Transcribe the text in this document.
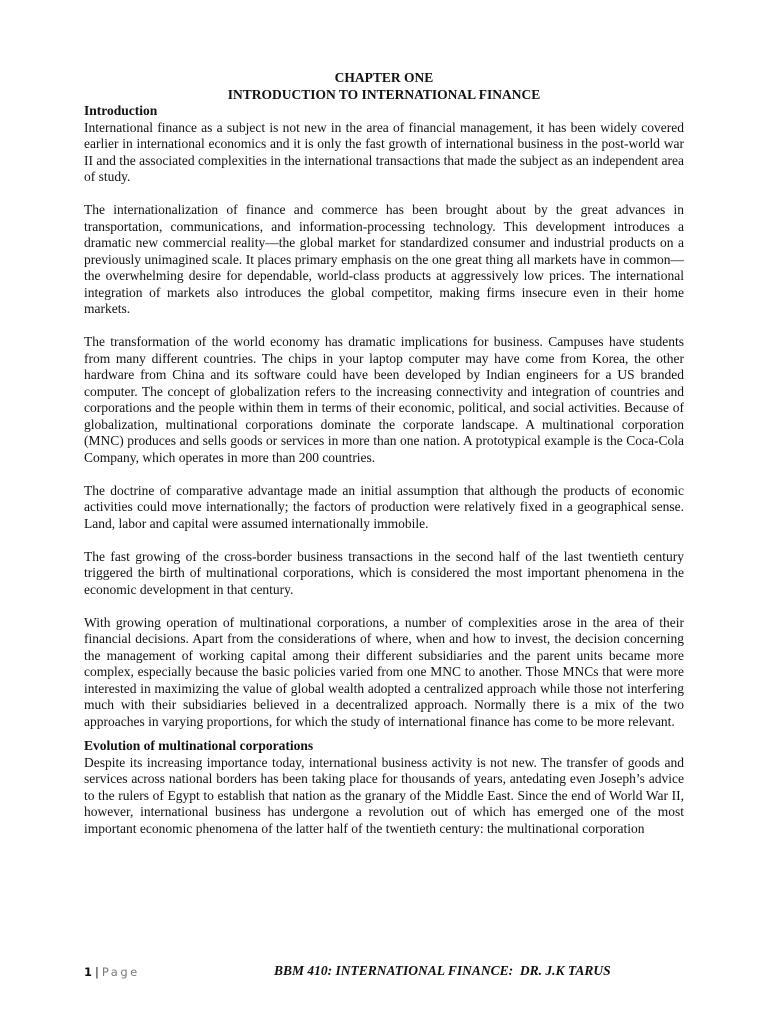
CHAPTER ONE
INTRODUCTION TO INTERNATIONAL FINANCE
Introduction

International finance as a subject is not new in the area of financial management, it has been widely covered earlier in international economics and it is only the fast growth of international business in the post-world war II and the associated complexities in the international transactions that made the subject as an independent area of study.

The internationalization of finance and commerce has been brought about by the great advances in transportation, communications, and information-processing technology. This development introduces a dramatic new commercial reality—the global market for standardized consumer and industrial products on a previously unimagined scale. It places primary emphasis on the one great thing all markets have in common—the overwhelming desire for dependable, world-class products at aggressively low prices. The international integration of markets also introduces the global competitor, making firms insecure even in their home markets.

The transformation of the world economy has dramatic implications for business. Campuses have students from many different countries. The chips in your laptop computer may have come from Korea, the other hardware from China and its software could have been developed by Indian engineers for a US branded computer. The concept of globalization refers to the increasing connectivity and integration of countries and corporations and the people within them in terms of their economic, political, and social activities. Because of globalization, multinational corporations dominate the corporate landscape. A multinational corporation (MNC) produces and sells goods or services in more than one nation. A prototypical example is the Coca-Cola Company, which operates in more than 200 countries.

The doctrine of comparative advantage made an initial assumption that although the products of economic activities could move internationally; the factors of production were relatively fixed in a geographical sense. Land, labor and capital were assumed internationally immobile.

The fast growing of the cross-border business transactions in the second half of the last twentieth century triggered the birth of multinational corporations, which is considered the most important phenomena in the economic development in that century.

With growing operation of multinational corporations, a number of complexities arose in the area of their financial decisions. Apart from the considerations of where, when and how to invest, the decision concerning the management of working capital among their different subsidiaries and the parent units became more complex, especially because the basic policies varied from one MNC to another. Those MNCs that were more interested in maximizing the value of global wealth adopted a centralized approach while those not interfering much with their subsidiaries believed in a decentralized approach. Normally there is a mix of the two approaches in varying proportions, for which the study of international finance has come to be more relevant.

Evolution of multinational corporations

Despite its increasing importance today, international business activity is not new. The transfer of goods and services across national borders has been taking place for thousands of years, antedating even Joseph’s advice to the rulers of Egypt to establish that nation as the granary of the Middle East. Since the end of World War II, however, international business has undergone a revolution out of which has emerged one of the most important economic phenomena of the latter half of the twentieth century: the multinational corporation

1 | Page	BBM 410: INTERNATIONAL FINANCE:  DR. J.K TARUS
